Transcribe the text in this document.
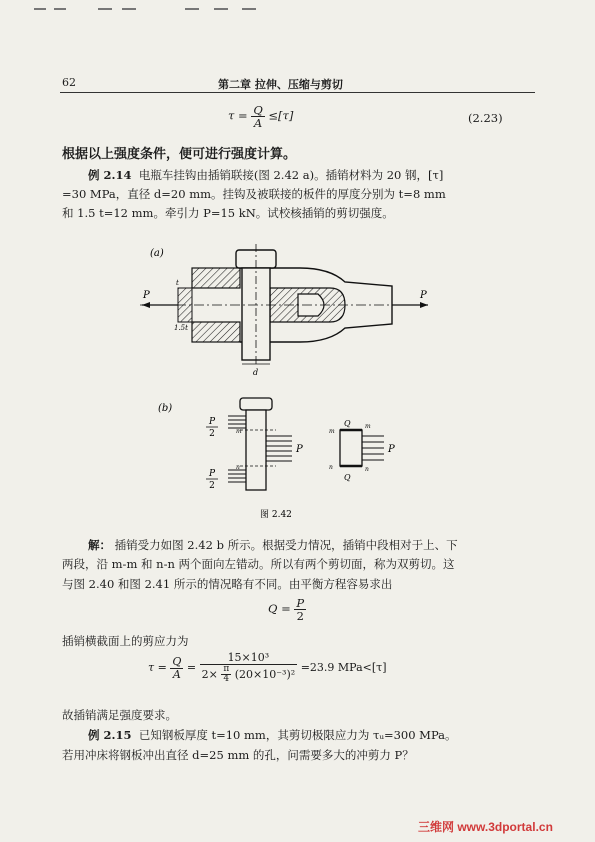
62	第二章 拉伸、压缩与剪切
$\tau = \frac{Q}{A} \le[\tau]$	(2.23)
根据以上强度条件，便可进行强度计算。
例 2.14 电瓶车挂钩由插销联接(图 2.42 a)。插销材料为 20 钢，[τ]
=30 MPa，直径 d=20 mm。挂钩及被联接的板件的厚度分别为 t=8 mm
和 1.5 t=12 mm。牵引力 P=15 kN。试校核插销的剪切强度。
(a)
P	P
t
1.5t
d
(b)
P
2
P
P
2
m
n
P
Q
Q
m
m
n	n
图 2.42
解： 插销受力如图 2.42 b 所示。根据受力情况，插销中段相对于上、下
两段，沿 m-m 和 n-n 两个面向左错动。所以有两个剪切面，称为双剪切。这
与图 2.40 和图 2.41 所示的情况略有不同。由平衡方程容易求出
$Q = \frac{P}{2}$
插销横截面上的剪应力为
$\tau = \frac{Q}{A} = \frac{\text{15×10³}}{2\times \frac{\pi}{4} (20\times 10^{-3})^2} =23.9$ MPa<[τ]
故插销满足强度要求。
例 2.15 已知钢板厚度 t=10 mm，其剪切极限应力为 τᵤ=300 MPa。
若用冲床将钢板冲出直径 d=25 mm 的孔，问需要多大的冲剪力 P？
三维网 www.3dportal.cn
